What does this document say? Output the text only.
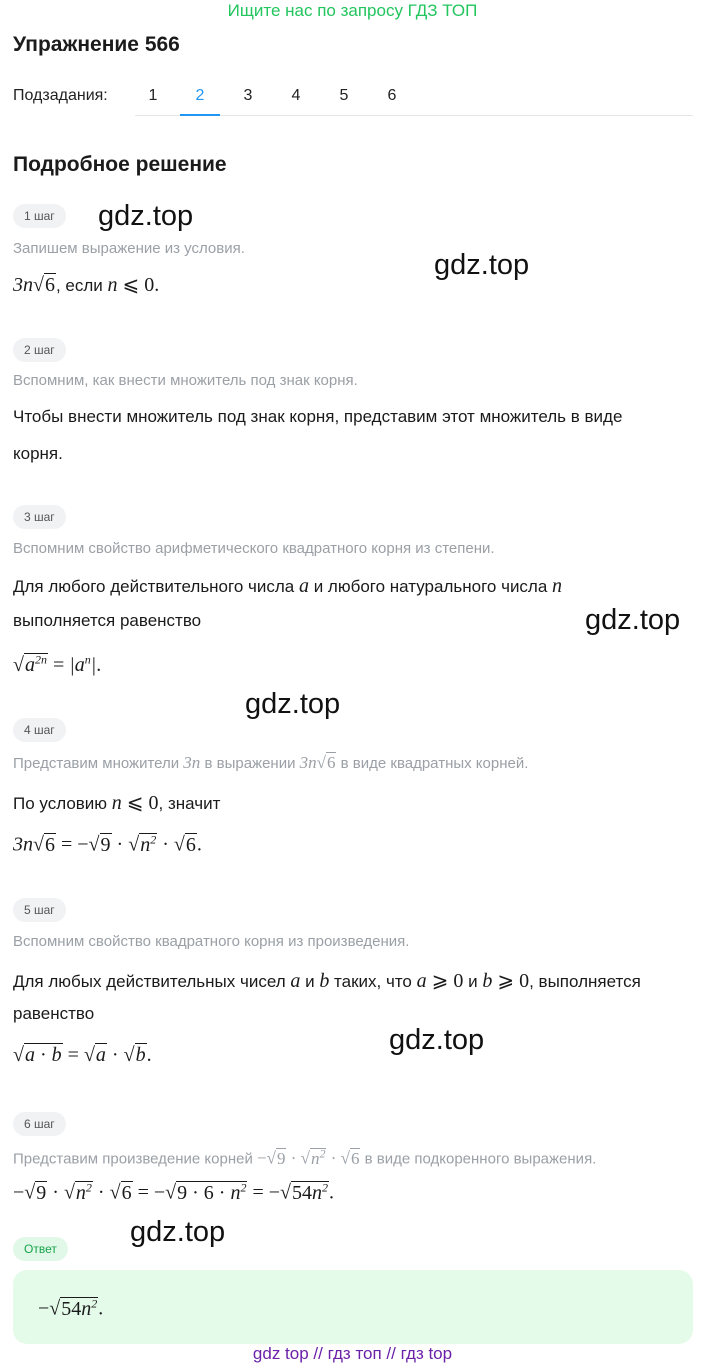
Ищите нас по запросу ГДЗ ТОП
Упражнение 566
Подзадания:	1	2	3	4	5	6
Подробное решение
gdz.top
gdz.top
gdz.top
gdz.top
gdz.top
gdz.top
1 шаг
Запишем выражение из условия.
3n√6, если n ⩽ 0.
2 шаг
Вспомним, как внести множитель под знак корня.
Чтобы внести множитель под знак корня, представим этот множитель в виде
корня.
3 шаг
Вспомним свойство арифметического квадратного корня из степени.
Для любого действительного числа a и любого натурального числа n
выполняется равенство
$√a^{2n} = |a^n|$.
4 шаг
Представим множители 3n в выражении 3n√6 в виде квадратных корней.
По условию n ⩽ 0, значит
$3n√6 = -√9 \cdot √n^2 \cdot √6$.
5 шаг
Вспомним свойство квадратного корня из произведения.
Для любых действительных чисел a и b таких, что a ⩾ 0 и b ⩾ 0, выполняется
равенство
√a · b = √a · √b.
6 шаг
Представим произведение корней $-√9 \cdot √n^2 \cdot √6$ в виде подкоренного выражения.
$-√9 \cdot √n^2 \cdot √6 = -√9 \cdot 6 \cdot n^2 = -√54n^2$.
Ответ
$-√54n^2$.
gdz top // гдз топ // гдз top
